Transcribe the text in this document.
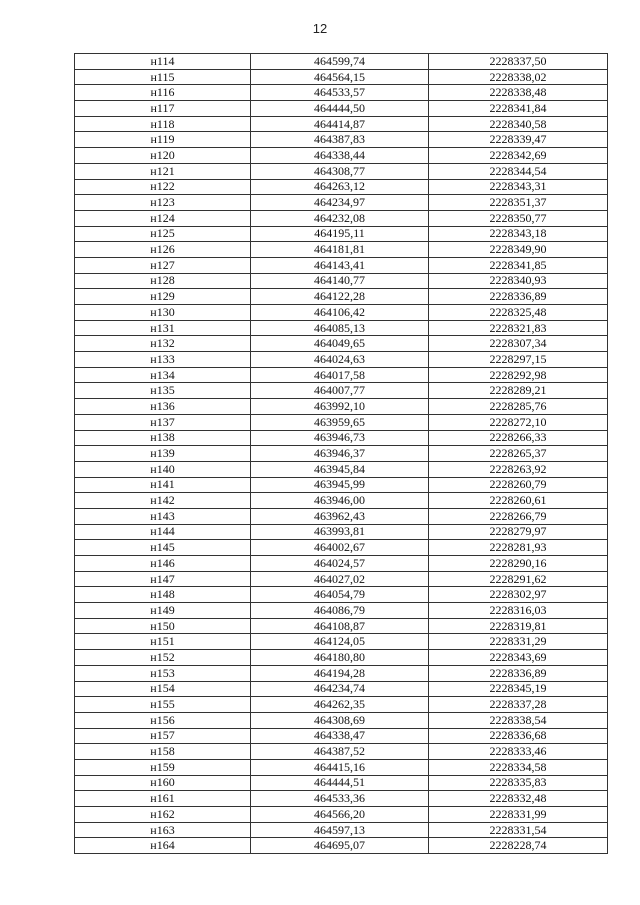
12
н114	464599,74	2228337,50
н115	464564,15	2228338,02
н116	464533,57	2228338,48
н117	464444,50	2228341,84
н118	464414,87	2228340,58
н119	464387,83	2228339,47
н120	464338,44	2228342,69
н121	464308,77	2228344,54
н122	464263,12	2228343,31
н123	464234,97	2228351,37
н124	464232,08	2228350,77
н125	464195,11	2228343,18
н126	464181,81	2228349,90
н127	464143,41	2228341,85
н128	464140,77	2228340,93
н129	464122,28	2228336,89
н130	464106,42	2228325,48
н131	464085,13	2228321,83
н132	464049,65	2228307,34
н133	464024,63	2228297,15
н134	464017,58	2228292,98
н135	464007,77	2228289,21
н136	463992,10	2228285,76
н137	463959,65	2228272,10
н138	463946,73	2228266,33
н139	463946,37	2228265,37
н140	463945,84	2228263,92
н141	463945,99	2228260,79
н142	463946,00	2228260,61
н143	463962,43	2228266,79
н144	463993,81	2228279,97
н145	464002,67	2228281,93
н146	464024,57	2228290,16
н147	464027,02	2228291,62
н148	464054,79	2228302,97
н149	464086,79	2228316,03
н150	464108,87	2228319,81
н151	464124,05	2228331,29
н152	464180,80	2228343,69
н153	464194,28	2228336,89
н154	464234,74	2228345,19
н155	464262,35	2228337,28
н156	464308,69	2228338,54
н157	464338,47	2228336,68
н158	464387,52	2228333,46
н159	464415,16	2228334,58
н160	464444,51	2228335,83
н161	464533,36	2228332,48
н162	464566,20	2228331,99
н163	464597,13	2228331,54
н164	464695,07	2228228,74
